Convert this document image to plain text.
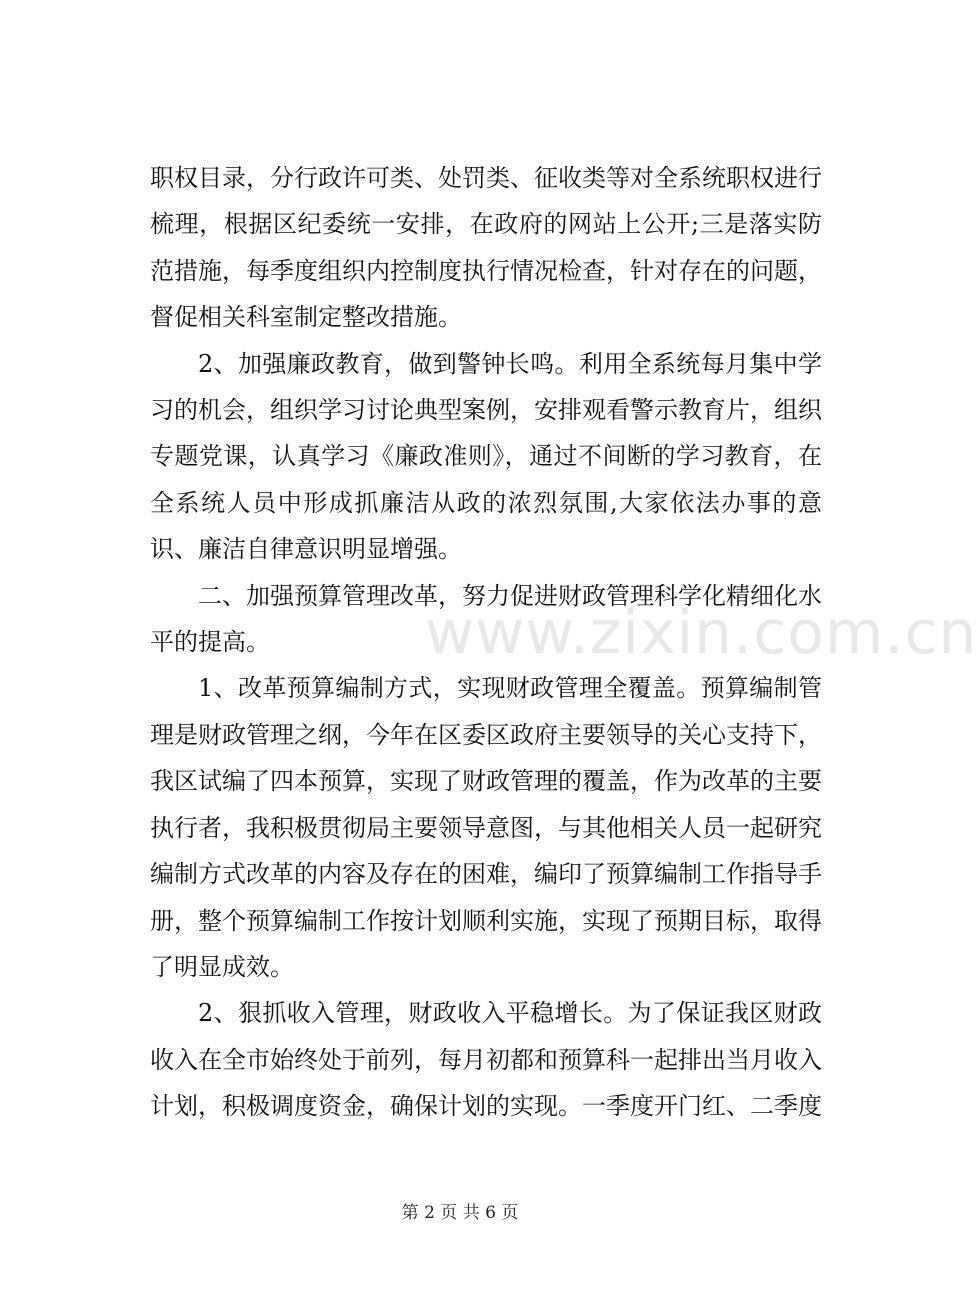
职权目录，分行政许可类、处罚类、征收类等对全系统职权进行梳理，根据区纪委统一安排，在政府的网站上公开;三是落实防范措施，每季度组织内控制度执行情况检查，针对存在的问题，督促相关科室制定整改措施。

2、加强廉政教育，做到警钟长鸣。利用全系统每月集中学习的机会，组织学习讨论典型案例，安排观看警示教育片，组织专题党课，认真学习《廉政准则》，通过不间断的学习教育，在全系统人员中形成抓廉洁从政的浓烈氛围,大家依法办事的意识、廉洁自律意识明显增强。

二、加强预算管理改革，努力促进财政管理科学化精细化水平的提高。

1、改革预算编制方式，实现财政管理全覆盖。预算编制管理是财政管理之纲，今年在区委区政府主要领导的关心支持下，我区试编了四本预算，实现了财政管理的覆盖，作为改革的主要执行者，我积极贯彻局主要领导意图，与其他相关人员一起研究编制方式改革的内容及存在的困难，编印了预算编制工作指导手册，整个预算编制工作按计划顺利实施，实现了预期目标，取得了明显成效。

2、狠抓收入管理，财政收入平稳增长。为了保证我区财政收入在全市始终处于前列，每月初都和预算科一起排出当月收入计划，积极调度资金，确保计划的实现。一季度开门红、二季度

www.zixin.com.cn
第 2 页 共 6 页
